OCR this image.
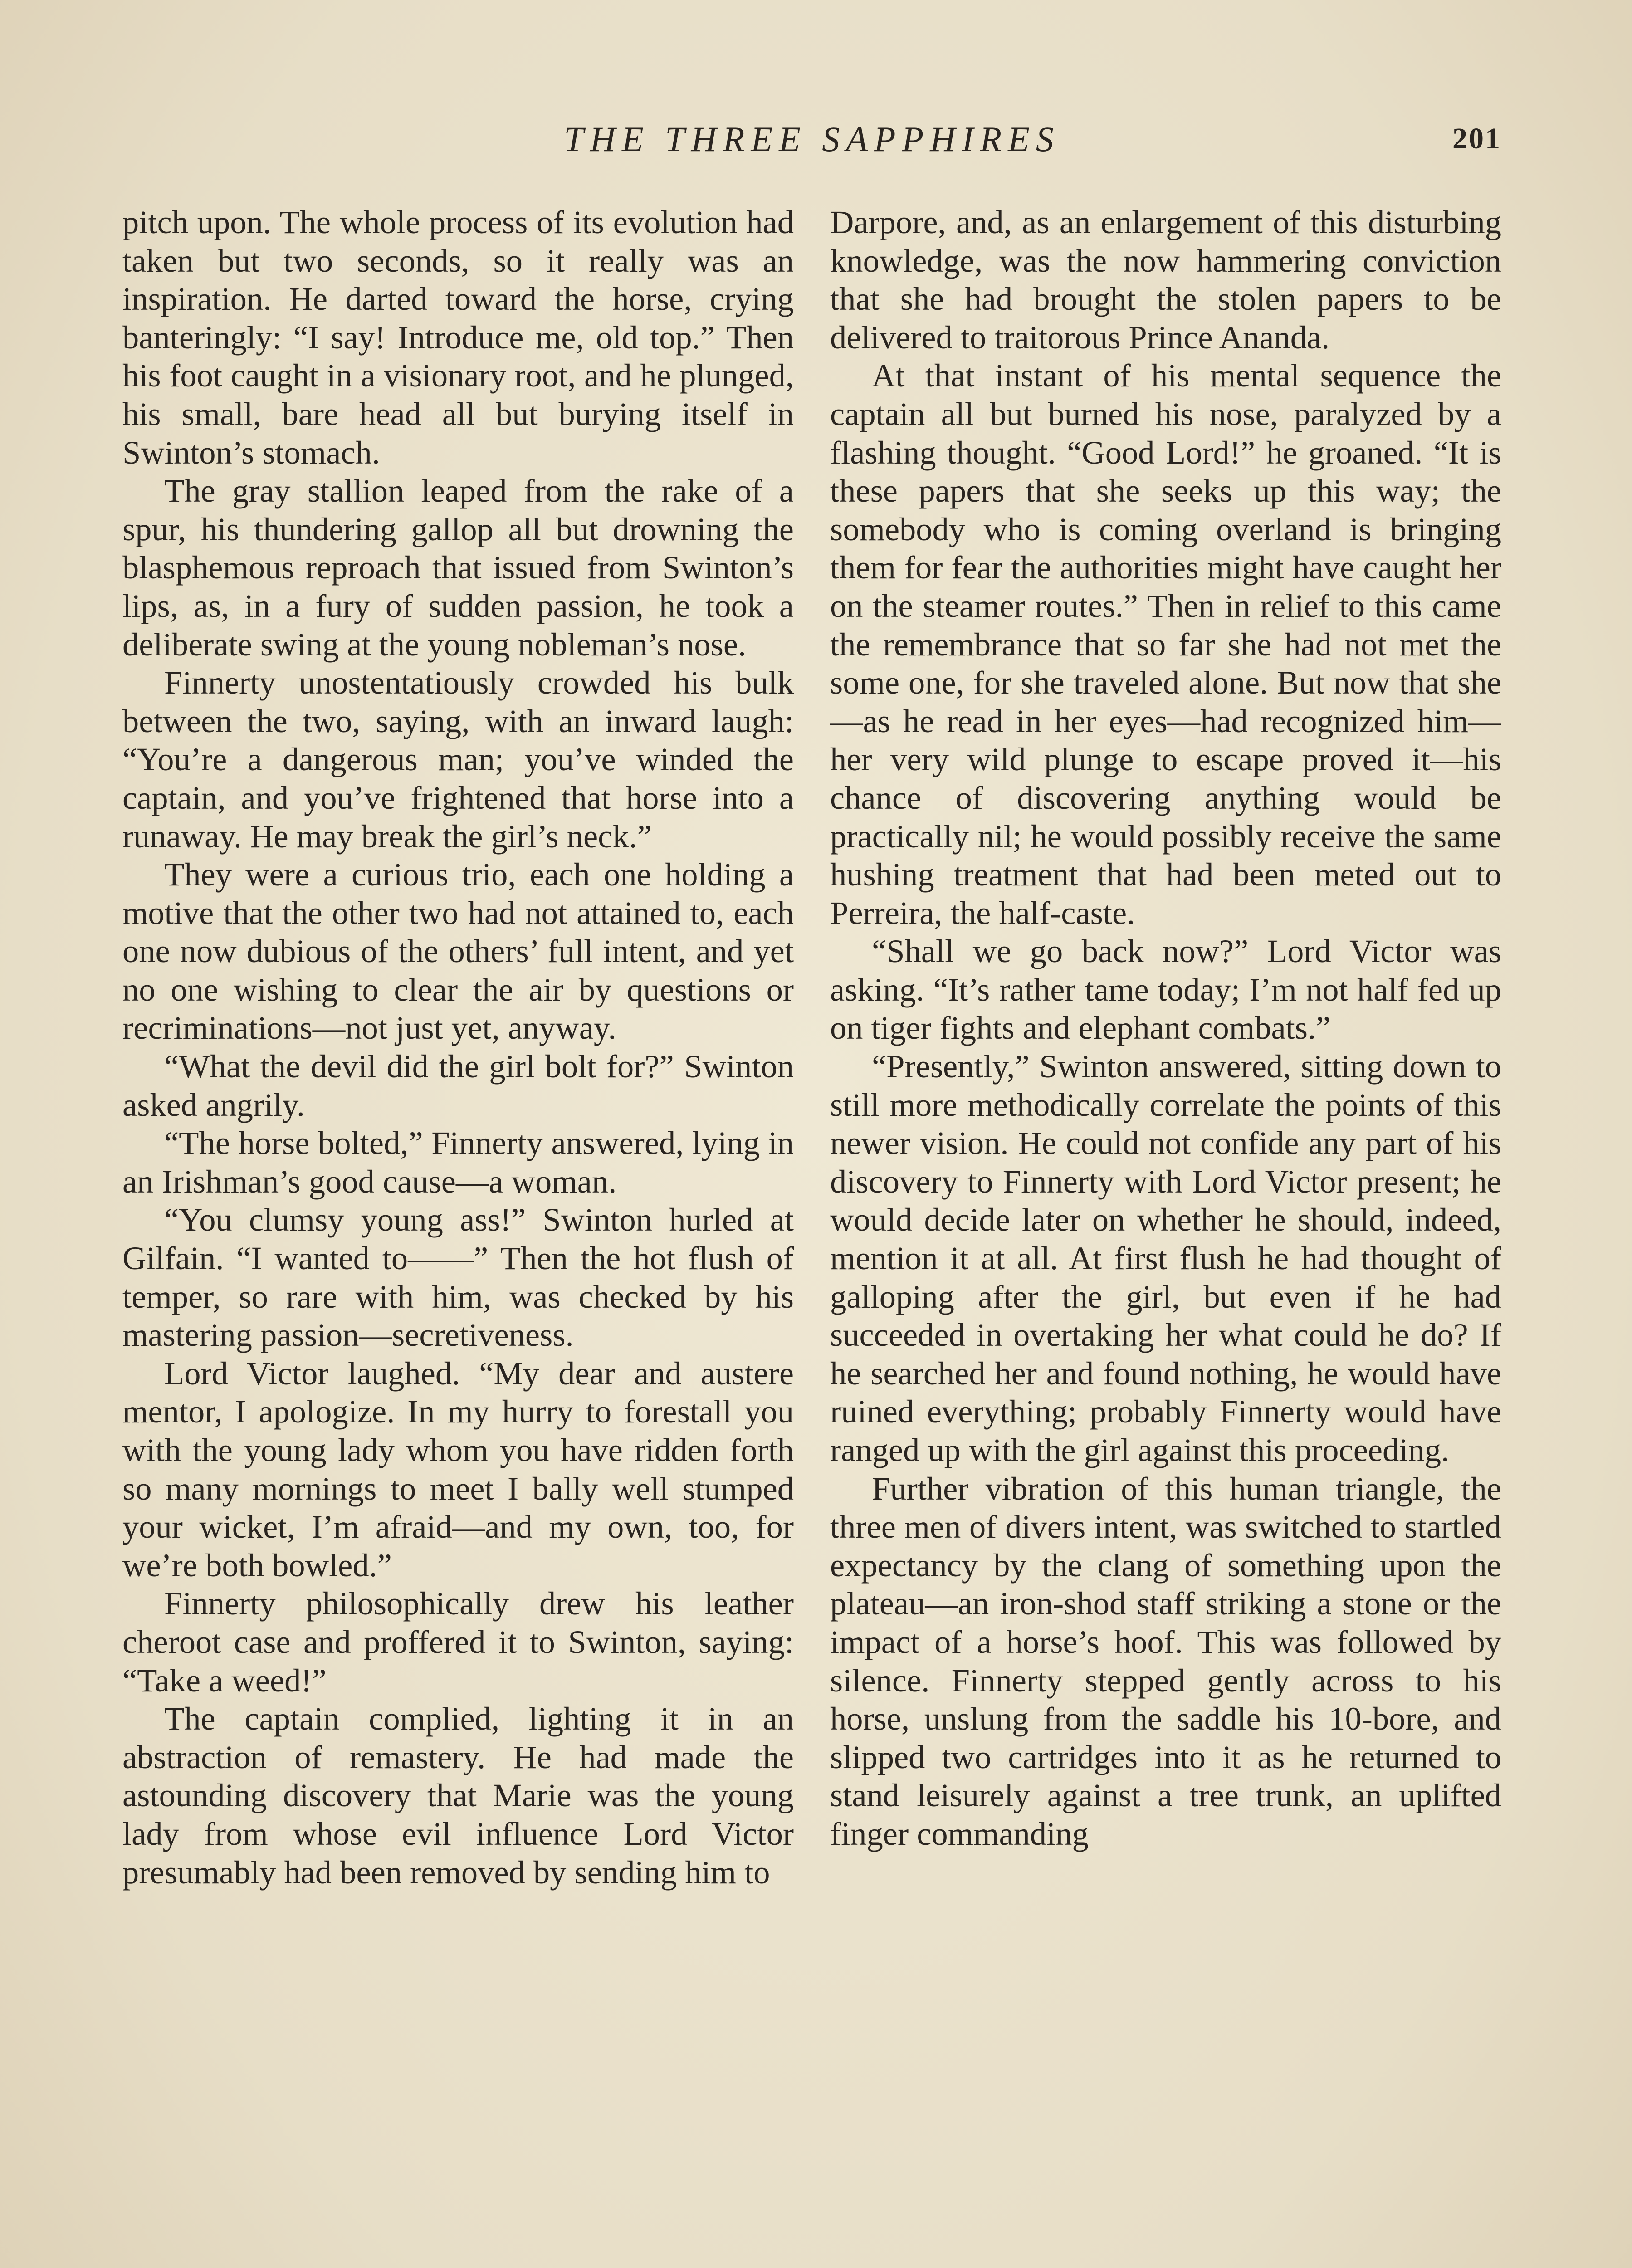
THE THREE SAPPHIRES	201

pitch upon. The whole process of its evolution had taken but two seconds, so it really was an inspiration. He darted toward the horse, crying banteringly: “I say! Introduce me, old top.” Then his foot caught in a visionary root, and he plunged, his small, bare head all but burying itself in Swinton’s stomach.

The gray stallion leaped from the rake of a spur, his thundering gallop all but drowning the blasphemous reproach that issued from Swinton’s lips, as, in a fury of sudden passion, he took a deliberate swing at the young nobleman’s nose.

Finnerty unostentatiously crowded his bulk between the two, saying, with an inward laugh: “You’re a dangerous man; you’ve winded the captain, and you’ve frightened that horse into a runaway. He may break the girl’s neck.”

They were a curious trio, each one holding a motive that the other two had not attained to, each one now dubious of the others’ full intent, and yet no one wishing to clear the air by questions or recriminations—not just yet, anyway.

“What the devil did the girl bolt for?” Swinton asked angrily.

“The horse bolted,” Finnerty answered, lying in an Irishman’s good cause—a woman.

“You clumsy young ass!” Swinton hurled at Gilfain. “I wanted to——” Then the hot flush of temper, so rare with him, was checked by his mastering passion—secretiveness.

Lord Victor laughed. “My dear and austere mentor, I apologize. In my hurry to forestall you with the young lady whom you have ridden forth so many mornings to meet I bally well stumped your wicket, I’m afraid—and my own, too, for we’re both bowled.”

Finnerty philosophically drew his leather cheroot case and proffered it to Swinton, saying: “Take a weed!”

The captain complied, lighting it in an abstraction of remastery. He had made the astounding discovery that Marie was the young lady from whose evil influence Lord Victor presumably had been removed by sending him to

Darpore, and, as an enlargement of this disturbing knowledge, was the now hammering conviction that she had brought the stolen papers to be delivered to traitorous Prince Ananda.

At that instant of his mental sequence the captain all but burned his nose, paralyzed by a flashing thought. “Good Lord!” he groaned. “It is these papers that she seeks up this way; the somebody who is coming overland is bringing them for fear the authorities might have caught her on the steamer routes.” Then in relief to this came the remembrance that so far she had not met the some one, for she traveled alone. But now that she—as he read in her eyes—had recognized him—her very wild plunge to escape proved it—his chance of discovering anything would be practically nil; he would possibly receive the same hushing treatment that had been meted out to Perreira, the half-caste.

“Shall we go back now?” Lord Victor was asking. “It’s rather tame today; I’m not half fed up on tiger fights and elephant combats.”

“Presently,” Swinton answered, sitting down to still more methodically correlate the points of this newer vision. He could not confide any part of his discovery to Finnerty with Lord Victor present; he would decide later on whether he should, indeed, mention it at all. At first flush he had thought of galloping after the girl, but even if he had succeeded in overtaking her what could he do? If he searched her and found nothing, he would have ruined everything; probably Finnerty would have ranged up with the girl against this proceeding.

Further vibration of this human triangle, the three men of divers intent, was switched to startled expectancy by the clang of something upon the plateau—an iron-shod staff striking a stone or the impact of a horse’s hoof. This was followed by silence. Finnerty stepped gently across to his horse, unslung from the saddle his 10-bore, and slipped two cartridges into it as he returned to stand leisurely against a tree trunk, an uplifted finger commanding
